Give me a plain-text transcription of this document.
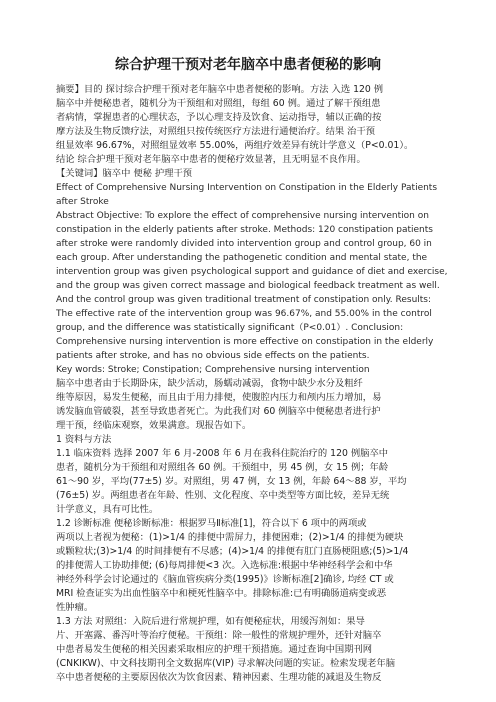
综合护理干预对老年脑卒中患者便秘的影响
摘要】目的 探讨综合护理干预对老年脑卒中患者便秘的影响。方法 入选 120 例
脑卒中并便秘患者，随机分为干预组和对照组，每组 60 例。通过了解干预组患
者病情，掌握患者的心理状态，予以心理支持及饮食、运动指导，辅以正确的按
摩方法及生物反馈疗法，对照组只按传统医疗方法进行通便治疗。结果 治干预
组显效率 96.67%，对照组显效率 55.00%，两组疗效差异有统计学意义（P<0.01）。
结论 综合护理干预对老年脑卒中患者的便秘疗效显著，且无明显不良作用。
【关键词】脑卒中 便秘 护理干预
Effect of Comprehensive Nursing Intervention on Constipation in the Elderly Patients
after Stroke
Abstract Objective: To explore the effect of comprehensive nursing intervention on
constipation in the elderly patients after stroke. Methods: 120 constipation patients
after stroke were randomly divided into intervention group and control group, 60 in
each group. After understanding the pathogenetic condition and mental state, the
intervention group was given psychological support and guidance of diet and exercise,
and the group was given correct massage and biological feedback treatment as well.
And the control group was given traditional treatment of constipation only. Results:
The effective rate of the intervention group was 96.67%, and 55.00% in the control
group, and the difference was statistically significant（P<0.01）. Conclusion:
Comprehensive nursing intervention is more effective on constipation in the elderly
patients after stroke, and has no obvious side effects on the patients.
Key words: Stroke; Constipation; Comprehensive nursing intervention
脑卒中患者由于长期卧床，缺少活动，肠蠕动减弱，食物中缺少水分及粗纤
维等原因，易发生便秘，而且由于用力排便，使腹腔内压力和颅内压力增加，易
诱发脑血管破裂，甚至导致患者死亡。为此我们对 60 例脑卒中便秘患者进行护
理干预，经临床观察，效果满意。现报告如下。
1 资料与方法
1.1 临床资料 选择 2007 年 6 月-2008 年 6 月在我科住院治疗的 120 例脑卒中
患者，随机分为干预组和对照组各 60 例。干预组中，男 45 例，女 15 例；年龄
61～90 岁，平均(77±5) 岁。对照组，男 47 例，女 13 例，年龄 64～88 岁，平均
(76±5) 岁。两组患者在年龄、性别、文化程度、卒中类型等方面比较，差异无统
计学意义，具有可比性。
1.2 诊断标准 便秘诊断标准：根据罗马Ⅱ标准[1]，符合以下 6 项中的两项或
两项以上者视为便秘：(1)>1/4 的排便中需屏力，排便困难；(2)>1/4 的排便为硬块
或颗粒状;(3)>1/4 的时间排便有不尽感；(4)>1/4 的排便有肛门直肠梗阻感;(5)>1/4
的排便需人工协助排便; (6)每周排便<3 次。入选标准:根据中华神经科学会和中华
神经外科学会讨论通过的《脑血管疾病分类(1995)》诊断标准[2]确诊, 均经 CT 或
MRI 检查证实为出血性脑卒中和梗死性脑卒中。排除标准:已有明确肠道病变或恶
性肿瘤。
1.3 方法 对照组：入院后进行常规护理，如有便秘症状，用缓泻剂如：果导
片、开塞露、番泻叶等治疗便秘。干预组：除一般性的常规护理外，还针对脑卒
中患者易发生便秘的相关因素采取相应的护理干预措施。通过查询中国期刊网
(CNKIKW)、中文科技期刊全文数据库(VIP) 寻求解决问题的实证。检索发现老年脑
卒中患者便秘的主要原因依次为饮食因素、精神因素、生理功能的减退及生物反
